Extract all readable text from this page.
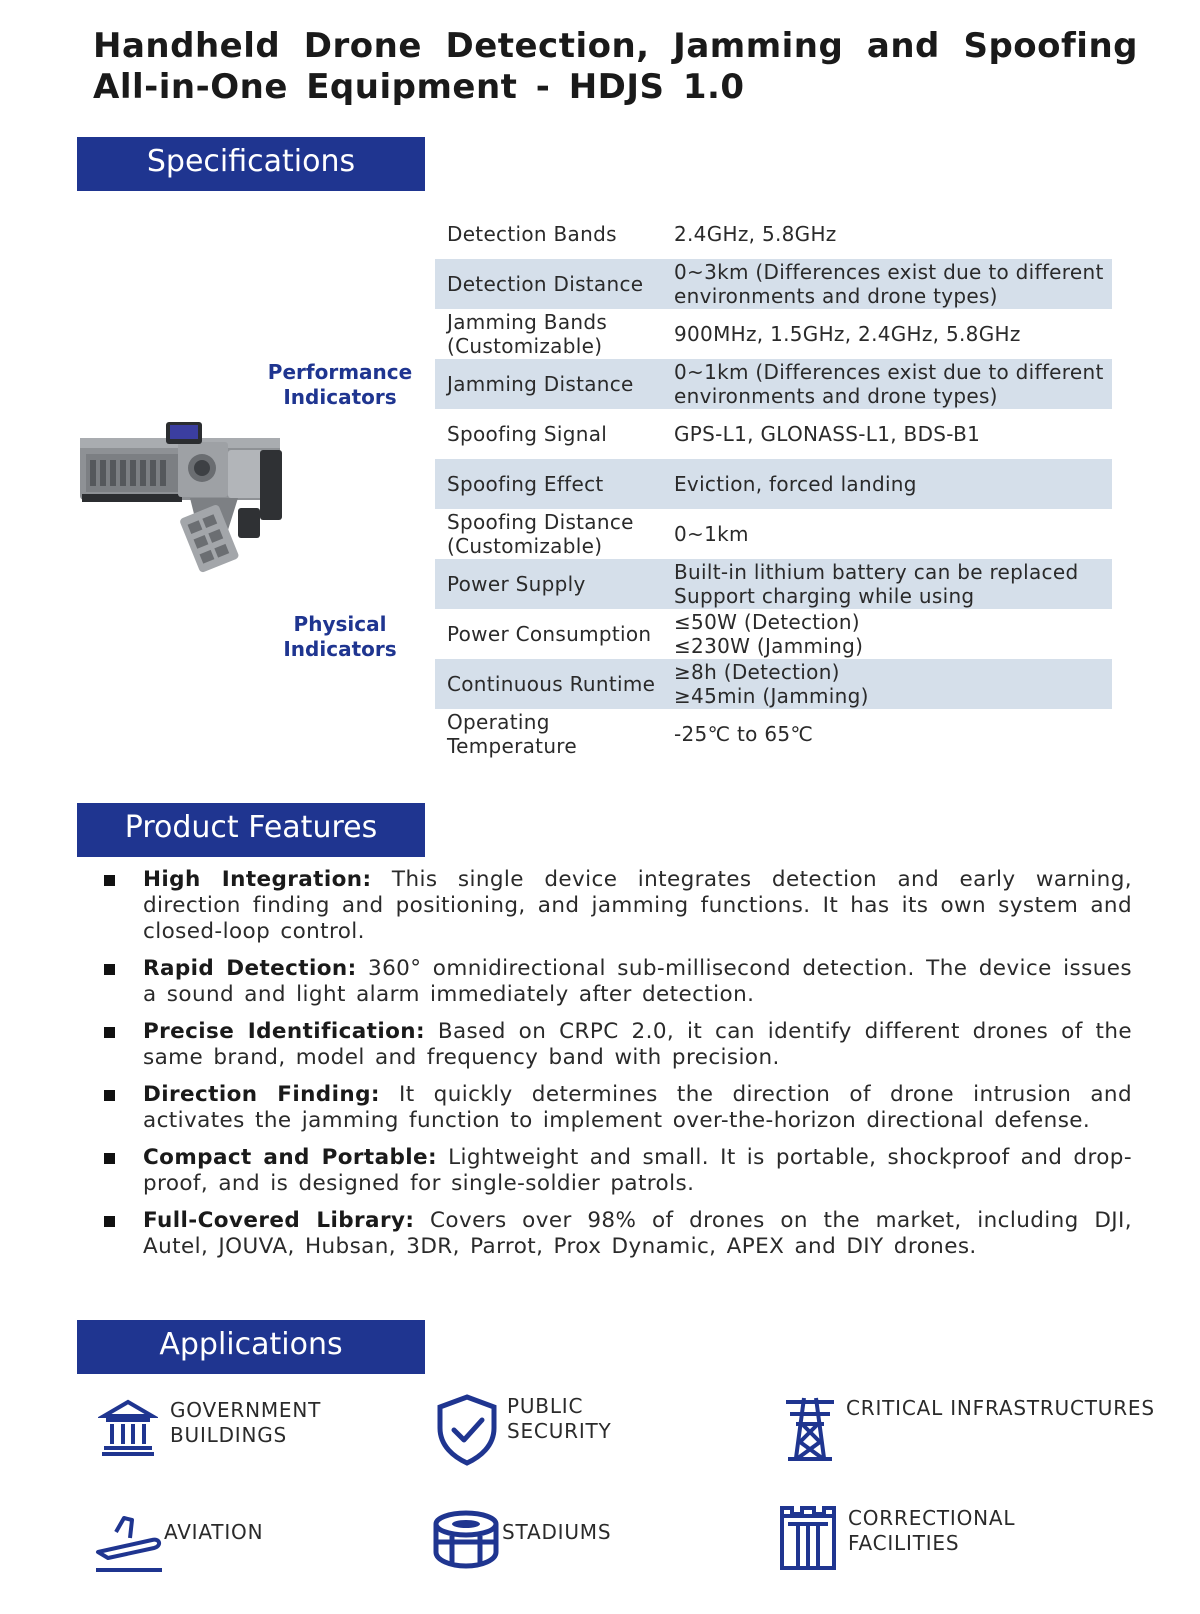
Handheld Drone Detection, Jamming and Spoofing All-in-One Equipment - HDJS 1.0
Specifications
Performance
Indicators
Physical
Indicators
Detection Bands	2.4GHz, 5.8GHz
Detection Distance	0~3km (Differences exist due to different
environments and drone types)
Jamming Bands
(Customizable)	900MHz, 1.5GHz, 2.4GHz, 5.8GHz
Jamming Distance	0~1km (Differences exist due to different
environments and drone types)
Spoofing Signal	GPS-L1, GLONASS-L1, BDS-B1
Spoofing Effect	Eviction, forced landing
Spoofing Distance
(Customizable)	0~1km
Power Supply	Built-in lithium battery can be replaced
Support charging while using
Power Consumption	≤50W (Detection)
≤230W (Jamming)
Continuous Runtime	≥8h (Detection)
≥45min (Jamming)
Operating
Temperature	-25℃ to 65℃
Product Features
High Integration: This single device integrates detection and early warning, direction finding and positioning, and jamming functions. It has its own system and closed-loop control.
Rapid Detection: 360° omnidirectional sub-millisecond detection. The device issues a sound and light alarm immediately after detection.
Precise Identification: Based on CRPC 2.0, it can identify different drones of the same brand, model and frequency band with precision.
Direction Finding: It quickly determines the direction of drone intrusion and activates the jamming function to implement over-the-horizon directional defense.
Compact and Portable: Lightweight and small. It is portable, shockproof and drop-proof, and is designed for single-soldier patrols.
Full-Covered Library: Covers over 98% of drones on the market, including DJI, Autel, JOUVA, Hubsan, 3DR, Parrot, Prox Dynamic, APEX and DIY drones.
Applications
GOVERNMENT
BUILDINGS
PUBLIC
SECURITY
CRITICAL INFRASTRUCTURES
AVIATION	STADIUMS
CORRECTIONAL
FACILITIES
